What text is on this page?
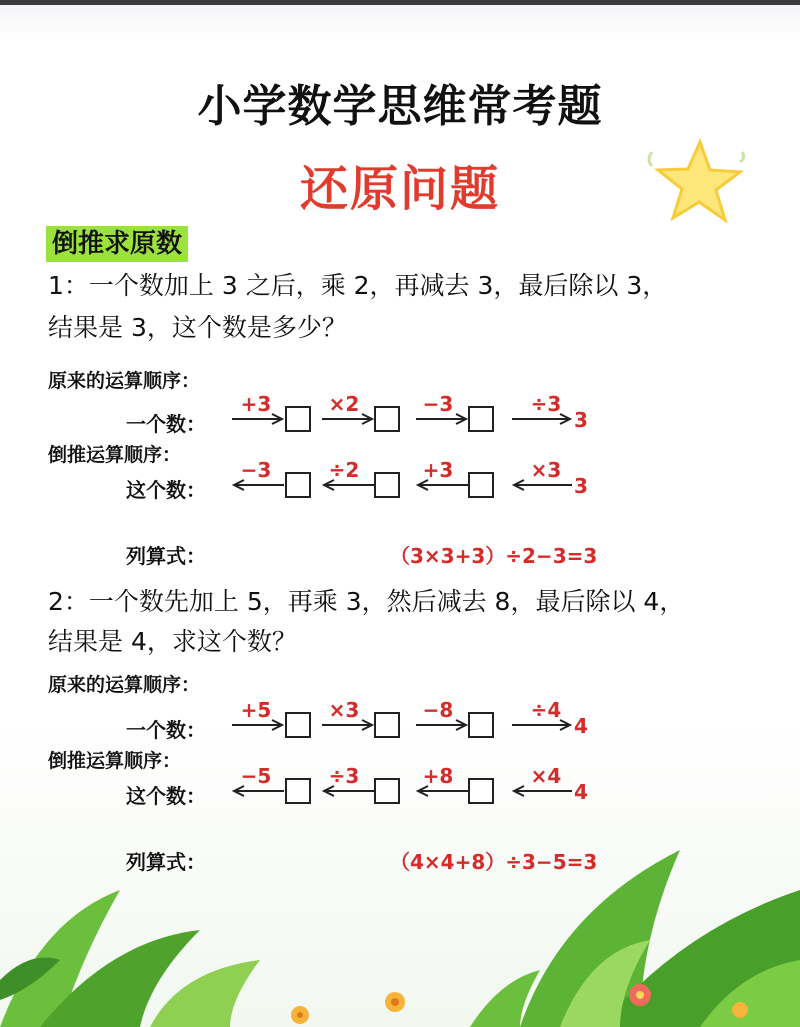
小学数学思维常考题
还原问题
倒推求原数
1：一个数加上 3 之后，乘 2，再减去 3，最后除以 3，
结果是 3，这个数是多少？
原来的运算顺序：
一个数：
+3	×2	−3	÷3
3
倒推运算顺序：
这个数：
−3	÷2	+3	×3
3
列算式：	（3×3+3）÷2−3=3
2：一个数先加上 5，再乘 3，然后减去 8，最后除以 4，
结果是 4，求这个数？
原来的运算顺序：
一个数：
+5	×3	−8	÷4
4
倒推运算顺序：
这个数：
−5	÷3	+8	×4
4
列算式：	（4×4+8）÷3−5=3
